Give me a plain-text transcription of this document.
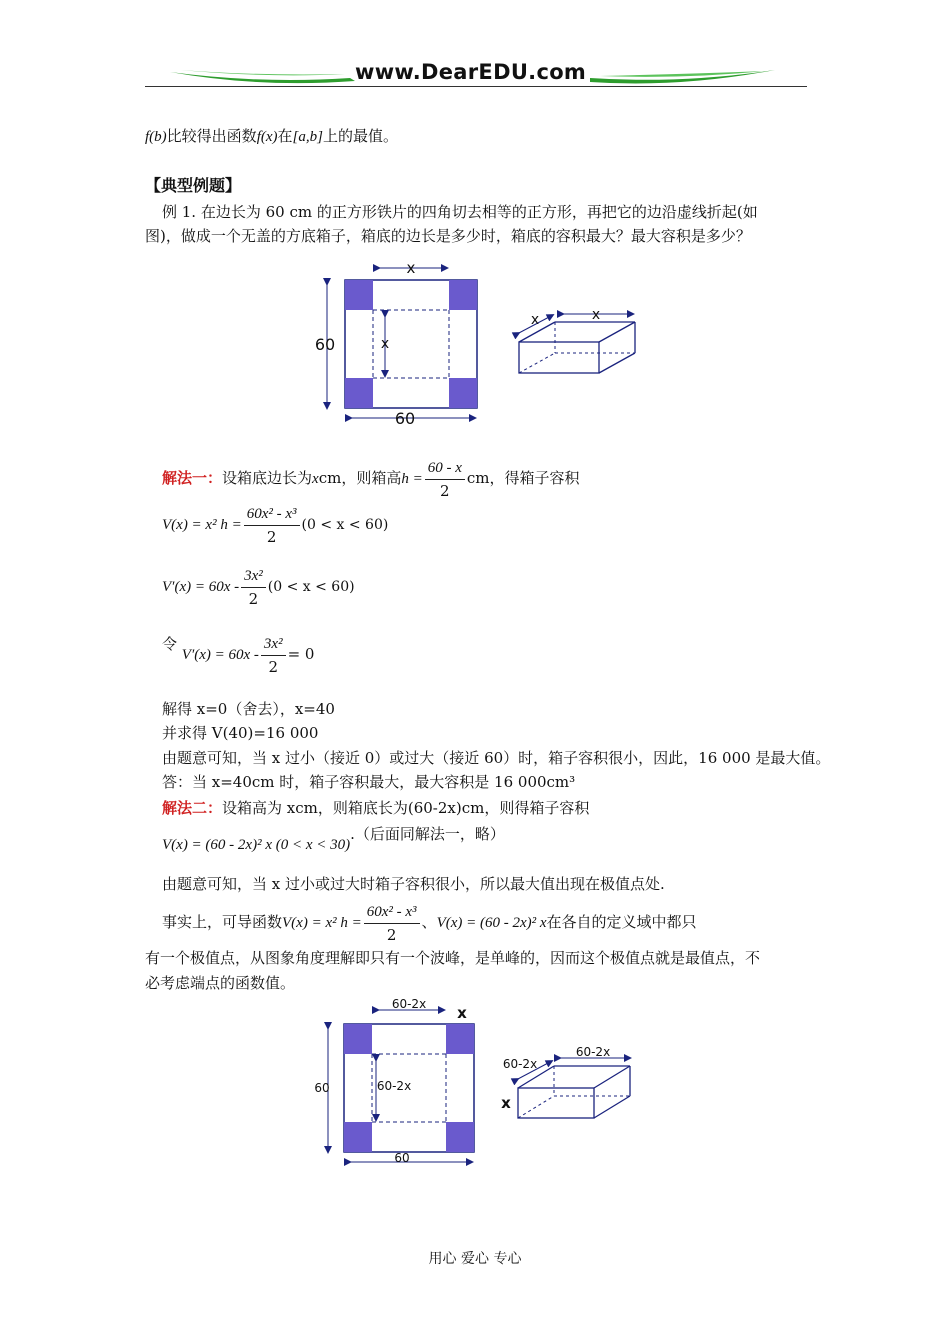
www.DearEDU.com
f(b)比较得出函数f(x)在[a,b]上的最值。
【典型例题】
例 1. 在边长为 60 cm 的正方形铁片的四角切去相等的正方形，再把它的边沿虚线折起(如
图)，做成一个无盖的方底箱子，箱底的边长是多少时，箱底的容积最大？最大容积是多少？
x
60	x
60
x
x
解法一：设箱底边长为xcm，则箱高$h = \frac{60 - x}{2}$ cm，得箱子容积
V(x) = x² $h = \frac{\text{60x² - x³}}{2} (0 < x < 60)$
$V'(x) = 60x - \frac{\text{3x²}}{2} (0 < x < 60)$
令 $V'(x) = 60x - \frac{\text{3x²}}{2} = 0$
解得 x=0（舍去），x=40
并求得 V(40)=16 000
由题意可知，当 x 过小（接近 0）或过大（接近 60）时，箱子容积很小，因此，16 000 是最大值。
答：当 x=40cm 时，箱子容积最大，最大容积是 16 000cm³
解法二：设箱高为 xcm，则箱底长为(60-2x)cm，则得箱子容积
V(x) = (60 - 2x)² x (0 < x < 30).（后面同解法一，略）
由题意可知，当 x 过小或过大时箱子容积很小，所以最大值出现在极值点处.
事实上，可导函数V(x) = x² $h = \frac{\text{60x² - x³}}{2}$ 、V(x) = (60 - 2x)² x在各自的定义域中都只
有一个极值点，从图象角度理解即只有一个波峰，是单峰的，因而这个极值点就是最值点，不
必考虑端点的函数值。
60-2x x
60	60-2x
60
60-2x
60-2x
x
用心 爱心 专心
